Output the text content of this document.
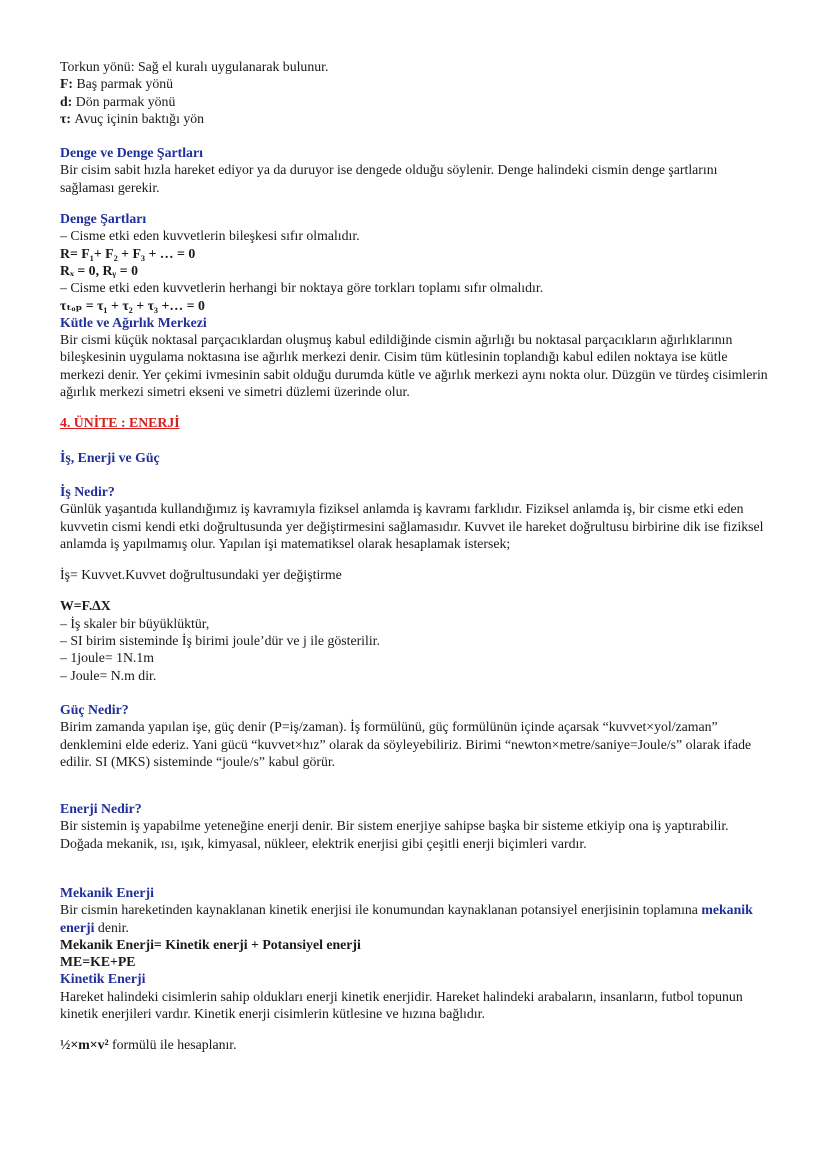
Torkun yönü: Sağ el kuralı uygulanarak bulunur.

F: Baş parmak yönü

d: Dön parmak yönü

τ: Avuç içinin baktığı yön

Denge ve Denge Şartları

Bir cisim sabit hızla hareket ediyor ya da duruyor ise dengede olduğu söylenir. Denge halindeki cismin denge şartlarını sağlaması gerekir.

Denge Şartları

– Cisme etki eden kuvvetlerin bileşkesi sıfır olmalıdır.

R= F₁+ F₂ + F₃ + … = 0

Rₓ = 0, Rᵧ = 0

– Cisme etki eden kuvvetlerin herhangi bir noktaya göre torkları toplamı sıfır olmalıdır.

τₜₒₚ = τ₁ + τ₂ + τ₃ +… = 0

Kütle ve Ağırlık Merkezi

Bir cismi küçük noktasal parçacıklardan oluşmuş kabul edildiğinde cismin ağırlığı bu noktasal parçacıkların ağırlıklarının bileşkesinin uygulama noktasına ise ağırlık merkezi denir. Cisim tüm kütlesinin toplandığı kabul edilen noktaya ise kütle merkezi denir. Yer çekimi ivmesinin sabit olduğu durumda kütle ve ağırlık merkezi aynı nokta olur. Düzgün ve türdeş cisimlerin ağırlık merkezi simetri ekseni ve simetri düzlemi üzerinde olur.

4. ÜNİTE : ENERJİ

İş, Enerji ve Güç

İş Nedir?

Günlük yaşantıda kullandığımız iş kavramıyla fiziksel anlamda iş kavramı farklıdır. Fiziksel anlamda iş, bir cisme etki eden kuvvetin cismi kendi etki doğrultusunda yer değiştirmesini sağlamasıdır. Kuvvet ile hareket doğrultusu birbirine dik ise fiziksel anlamda iş yapılmamış olur. Yapılan işi matematiksel olarak hesaplamak istersek;

İş= Kuvvet.Kuvvet doğrultusundaki yer değiştirme

W=F.∆X

– İş skaler bir büyüklüktür,

– SI birim sisteminde İş birimi joule’dür ve j ile gösterilir.

– 1joule= 1N.1m

– Joule= N.m dir.

Güç Nedir?

Birim zamanda yapılan işe, güç denir (P=iş/zaman). İş formülünü, güç formülünün içinde açarsak “kuvvet×yol/zaman” denklemini elde ederiz. Yani gücü “kuvvet×hız” olarak da söyleyebiliriz. Birimi “newton×metre/saniye=Joule/s” olarak ifade edilir. SI (MKS) sisteminde “joule/s” kabul görür.

Enerji Nedir?

Bir sistemin iş yapabilme yeteneğine enerji denir. Bir sistem enerjiye sahipse başka bir sisteme etkiyip ona iş yaptırabilir. Doğada mekanik, ısı, ışık, kimyasal, nükleer, elektrik enerjisi gibi çeşitli enerji biçimleri vardır.

Mekanik Enerji

Bir cismin hareketinden kaynaklanan kinetik enerjisi ile konumundan kaynaklanan potansiyel enerjisinin toplamına mekanik enerji denir.

Mekanik Enerji= Kinetik enerji + Potansiyel enerji

ME=KE+PE

Kinetik Enerji

Hareket halindeki cisimlerin sahip oldukları enerji kinetik enerjidir. Hareket halindeki arabaların, insanların, futbol topunun kinetik enerjileri vardır. Kinetik enerji cisimlerin kütlesine ve hızına bağlıdır.

½×m×v² formülü ile hesaplanır.
